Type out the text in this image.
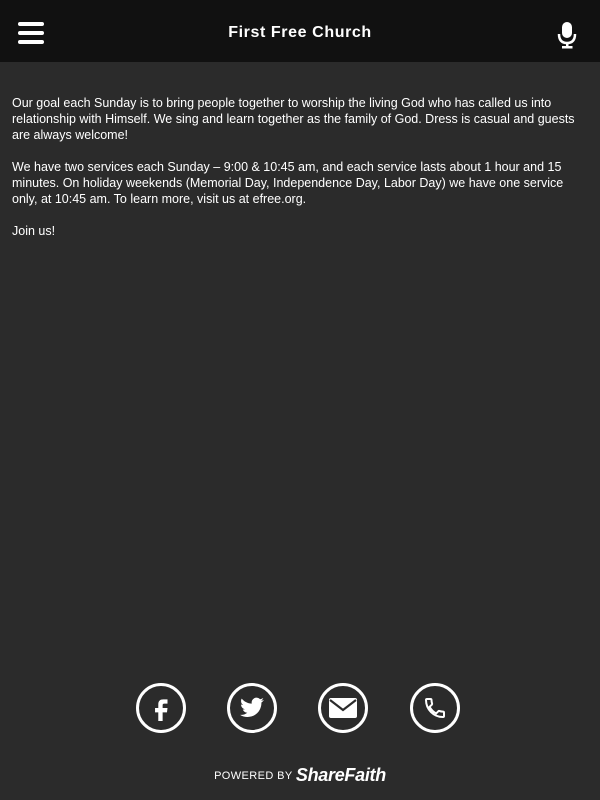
First Free Church

Our goal each Sunday is to bring people together to worship the living God who has called us into relationship with Himself. We sing and learn together as the family of God. Dress is casual and guests are always welcome!

We have two services each Sunday – 9:00 & 10:45 am, and each service lasts about 1 hour and 15 minutes. On holiday weekends (Memorial Day, Independence Day, Labor Day) we have one service only, at 10:45 am. To learn more, visit us at efree.org.

Join us!

POWERED BY ShareFaith
